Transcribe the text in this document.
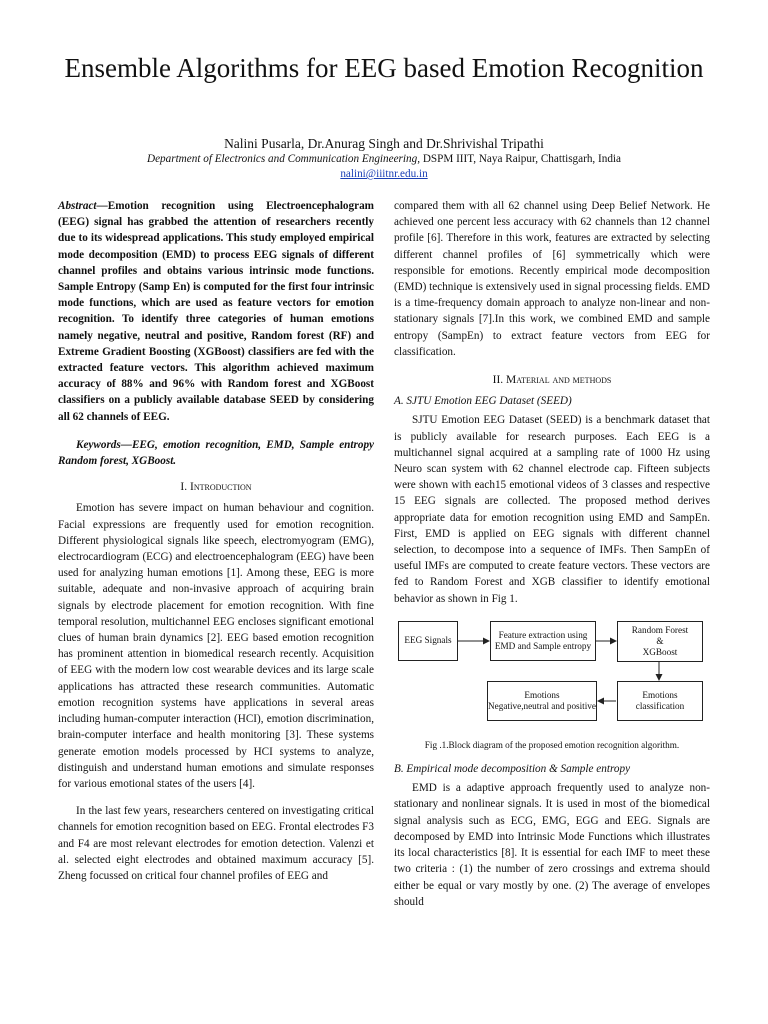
Ensemble Algorithms for EEG based Emotion Recognition
Nalini Pusarla, Dr.Anurag Singh and Dr.Shrivishal Tripathi
Department of Electronics and Communication Engineering, DSPM IIIT, Naya Raipur, Chattisgarh, India
nalini@iiitnr.edu.in

Abstract—Emotion recognition using Electroencephalogram (EEG) signal has grabbed the attention of researchers recently due to its widespread applications. This study employed empirical mode decomposition (EMD) to process EEG signals of different channel profiles and obtains various intrinsic mode functions. Sample Entropy (Samp En) is computed for the first four intrinsic mode functions, which are used as feature vectors for emotion recognition. To identify three categories of human emotions namely negative, neutral and positive, Random forest (RF) and Extreme Gradient Boosting (XGBoost) classifiers are fed with the extracted feature vectors. This algorithm achieved maximum accuracy of 88% and 96% with Random forest and XGBoost classifiers on a publicly available database SEED by considering all 62 channels of EEG.

Keywords—EEG, emotion recognition, EMD, Sample entropy Random forest, XGBoost.

I. Introduction

Emotion has severe impact on human behaviour and cognition. Facial expressions are frequently used for emotion recognition. Different physiological signals like speech, electromyogram (EMG), electrocardiogram (ECG) and electroencephalogram (EEG) have been used for analyzing human emotions [1]. Among these, EEG is more suitable, adequate and non-invasive approach of acquiring brain signals by electrode placement for emotion recognition. With fine temporal resolution, multichannel EEG encloses significant emotional clues of human brain dynamics [2]. EEG based emotion recognition has prominent attention in biomedical research recently. Acquisition of EEG with the modern low cost wearable devices and its large scale applications has attracted these research communities. Automatic emotion recognition systems have applications in several areas including human-computer interaction (HCI), emotion discrimination, brain-computer interface and health monitoring [3]. These systems generate emotion models processed by HCI systems to analyze, distinguish and understand human emotions and simulate responses for various emotional states of the users [4].

In the last few years, researchers centered on investigating critical channels for emotion recognition based on EEG. Frontal electrodes F3 and F4 are most relevant electrodes for emotion detection. Valenzi et al. selected eight electrodes and obtained maximum accuracy [5]. Zheng focussed on critical four channel profiles of EEG and

compared them with all 62 channel using Deep Belief Network. He achieved one percent less accuracy with 62 channels than 12 channel profile [6]. Therefore in this work, features are extracted by selecting different channel profiles of [6] symmetrically which were responsible for emotions. Recently empirical mode decomposition (EMD) technique is extensively used in signal processing fields. EMD is a time-frequency domain approach to analyze non-linear and non-stationary signals [7].In this work, we combined EMD and sample entropy (SampEn) to extract feature vectors from EEG for classification.

II. Material and methods
A. SJTU Emotion EEG Dataset (SEED)

SJTU Emotion EEG Dataset (SEED) is a benchmark dataset that is publicly available for research purposes. Each EEG is a multichannel signal acquired at a sampling rate of 1000 Hz using Neuro scan system with 62 channel electrode cap. Fifteen subjects were shown with each15 emotional videos of 3 classes and respective 15 EEG signals are collected. The proposed method derives appropriate data for emotion recognition using EMD and SampEn. First, EMD is applied on EEG signals with different channel selection, to decompose into a sequence of IMFs. Then SampEn of useful IMFs are computed to create feature vectors. These vectors are fed to Random Forest and XGB classifier to identify emotional behavior as shown in Fig 1.

EEG Signals
Feature extraction using EMD and Sample entropy
Random Forest
&
XGBoost
Emotions classification
Emotions
Negative,neutral and positive
Fig .1.Block diagram of the proposed emotion recognition algorithm.
B. Empirical mode decomposition & Sample entropy

EMD is a adaptive approach frequently used to analyze non-stationary and nonlinear signals. It is used in most of the biomedical signal analysis such as ECG, EMG, EGG and EEG. Signals are decomposed by EMD into Intrinsic Mode Functions which illustrates its local characteristics [8]. It is essential for each IMF to meet these two criteria : (1) the number of zero crossings and extrema should either be equal or vary mostly by one. (2) The average of envelopes should
